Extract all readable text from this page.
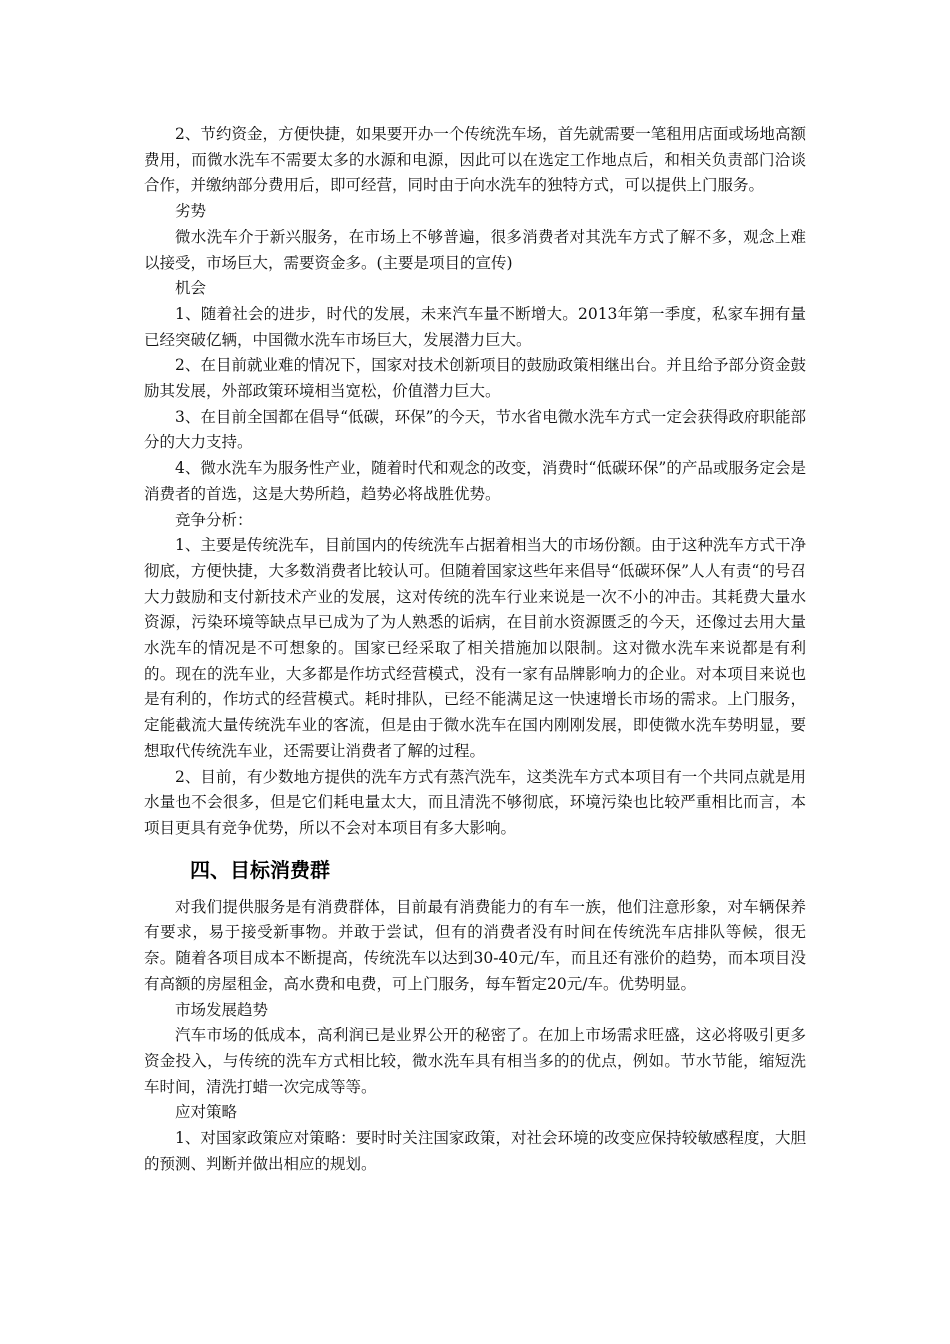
2、节约资金，方便快捷，如果要开办一个传统洗车场，首先就需要一笔租用店面或场地高额费用，而微水洗车不需要太多的水源和电源，因此可以在选定工作地点后，和相关负责部门洽谈合作，并缴纳部分费用后，即可经营，同时由于向水洗车的独特方式，可以提供上门服务。

劣势

微水洗车介于新兴服务，在市场上不够普遍，很多消费者对其洗车方式了解不多，观念上难以接受，市场巨大，需要资金多。(主要是项目的宣传)

机会

1、随着社会的进步，时代的发展，未来汽车量不断增大。2013年第一季度，私家车拥有量已经突破亿辆，中国微水洗车市场巨大，发展潜力巨大。

2、在目前就业难的情况下，国家对技术创新项目的鼓励政策相继出台。并且给予部分资金鼓励其发展，外部政策环境相当宽松，价值潜力巨大。

3、在目前全国都在倡导“低碳，环保”的今天，节水省电微水洗车方式一定会获得政府职能部分的大力支持。

4、微水洗车为服务性产业，随着时代和观念的改变，消费时“低碳环保”的产品或服务定会是消费者的首选，这是大势所趋，趋势必将战胜优势。

竞争分析：

1、主要是传统洗车，目前国内的传统洗车占据着相当大的市场份额。由于这种洗车方式干净彻底，方便快捷，大多数消费者比较认可。但随着国家这些年来倡导“低碳环保”人人有责“的号召大力鼓励和支付新技术产业的发展，这对传统的洗车行业来说是一次不小的冲击。其耗费大量水资源，污染环境等缺点早已成为了为人熟悉的诟病，在目前水资源匮乏的今天，还像过去用大量水洗车的情况是不可想象的。国家已经采取了相关措施加以限制。这对微水洗车来说都是有利的。现在的洗车业，大多都是作坊式经营模式，没有一家有品牌影响力的企业。对本项目来说也是有利的，作坊式的经营模式。耗时排队，已经不能满足这一快速增长市场的需求。上门服务，定能截流大量传统洗车业的客流，但是由于微水洗车在国内刚刚发展，即使微水洗车势明显，要想取代传统洗车业，还需要让消费者了解的过程。

2、目前，有少数地方提供的洗车方式有蒸汽洗车，这类洗车方式本项目有一个共同点就是用水量也不会很多，但是它们耗电量太大，而且清洗不够彻底，环境污染也比较严重相比而言，本项目更具有竞争优势，所以不会对本项目有多大影响。

四、目标消费群

对我们提供服务是有消费群体，目前最有消费能力的有车一族，他们注意形象，对车辆保养有要求，易于接受新事物。并敢于尝试，但有的消费者没有时间在传统洗车店排队等候，很无奈。随着各项目成本不断提高，传统洗车以达到30-40元/车，而且还有涨价的趋势，而本项目没有高额的房屋租金，高水费和电费，可上门服务，每车暂定20元/车。优势明显。

市场发展趋势

汽车市场的低成本，高利润已是业界公开的秘密了。在加上市场需求旺盛，这必将吸引更多资金投入，与传统的洗车方式相比较，微水洗车具有相当多的的优点，例如。节水节能，缩短洗车时间，清洗打蜡一次完成等等。

应对策略

1、对国家政策应对策略：要时时关注国家政策，对社会环境的改变应保持较敏感程度，大胆的预测、判断并做出相应的规划。
